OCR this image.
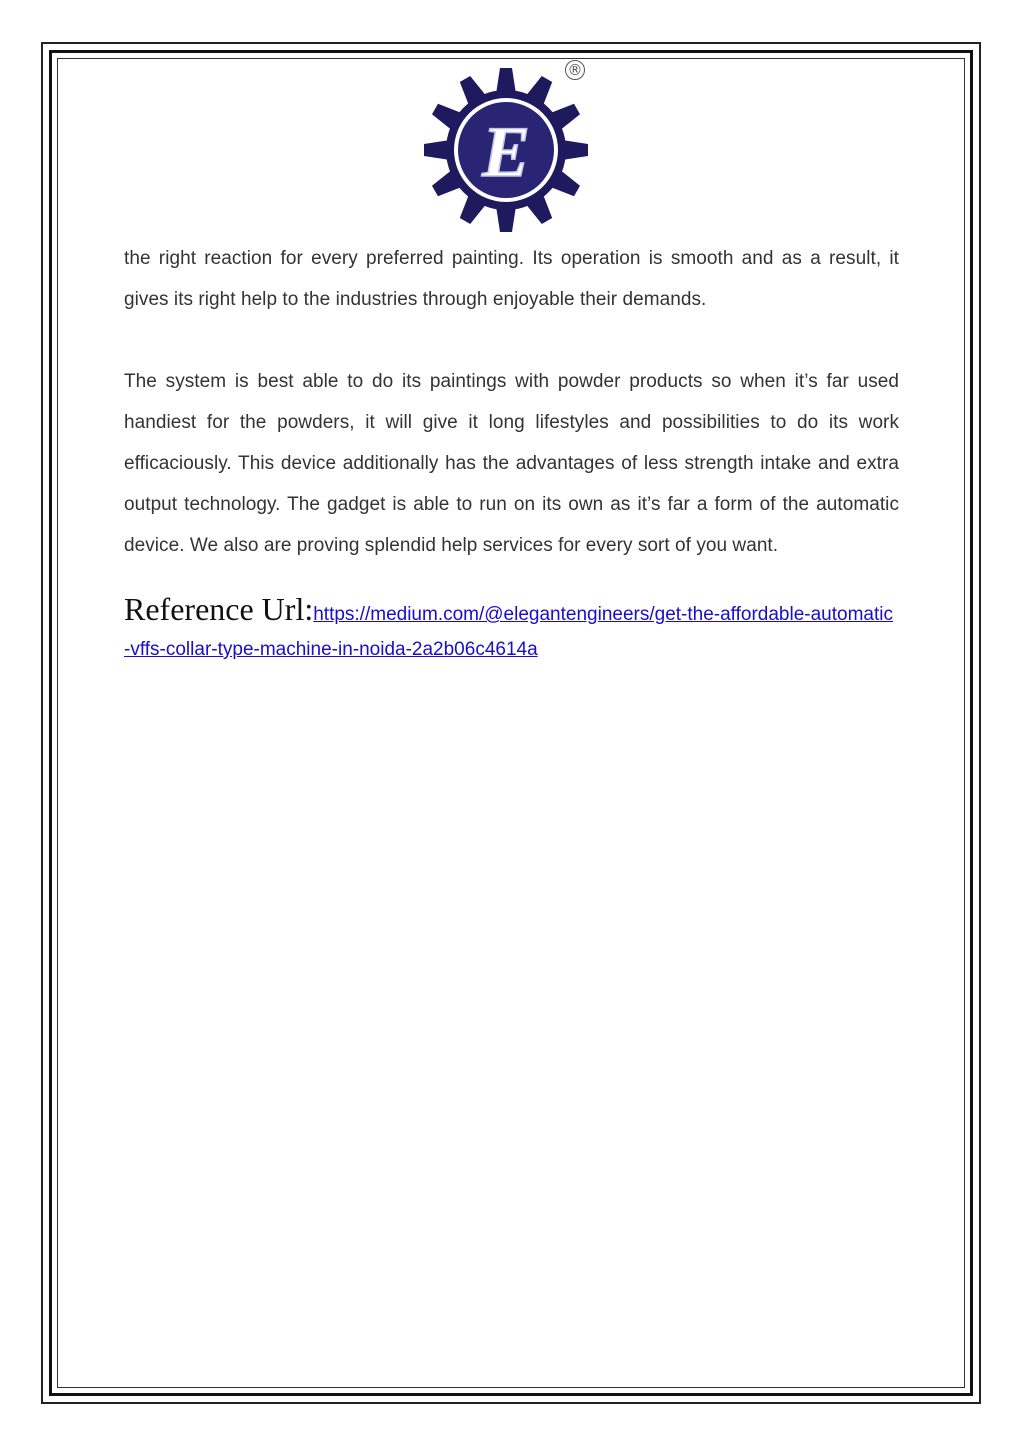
E
®

the right reaction for every preferred painting. Its operation is smooth and as a result, it gives its right help to the industries through enjoyable their demands.

The system is best able to do its paintings with powder products so when it’s far used handiest for the powders, it will give it long lifestyles and possibilities to do its work efficaciously. This device additionally has the advantages of less strength intake and extra output technology. The gadget is able to run on its own as it’s far a form of the automatic device. We also are proving splendid help services for every sort of you want.

Reference Url:https://medium.com/@elegantengineers/get-the-affordable-automatic-vffs-collar-type-machine-in-noida-2a2b06c4614a
